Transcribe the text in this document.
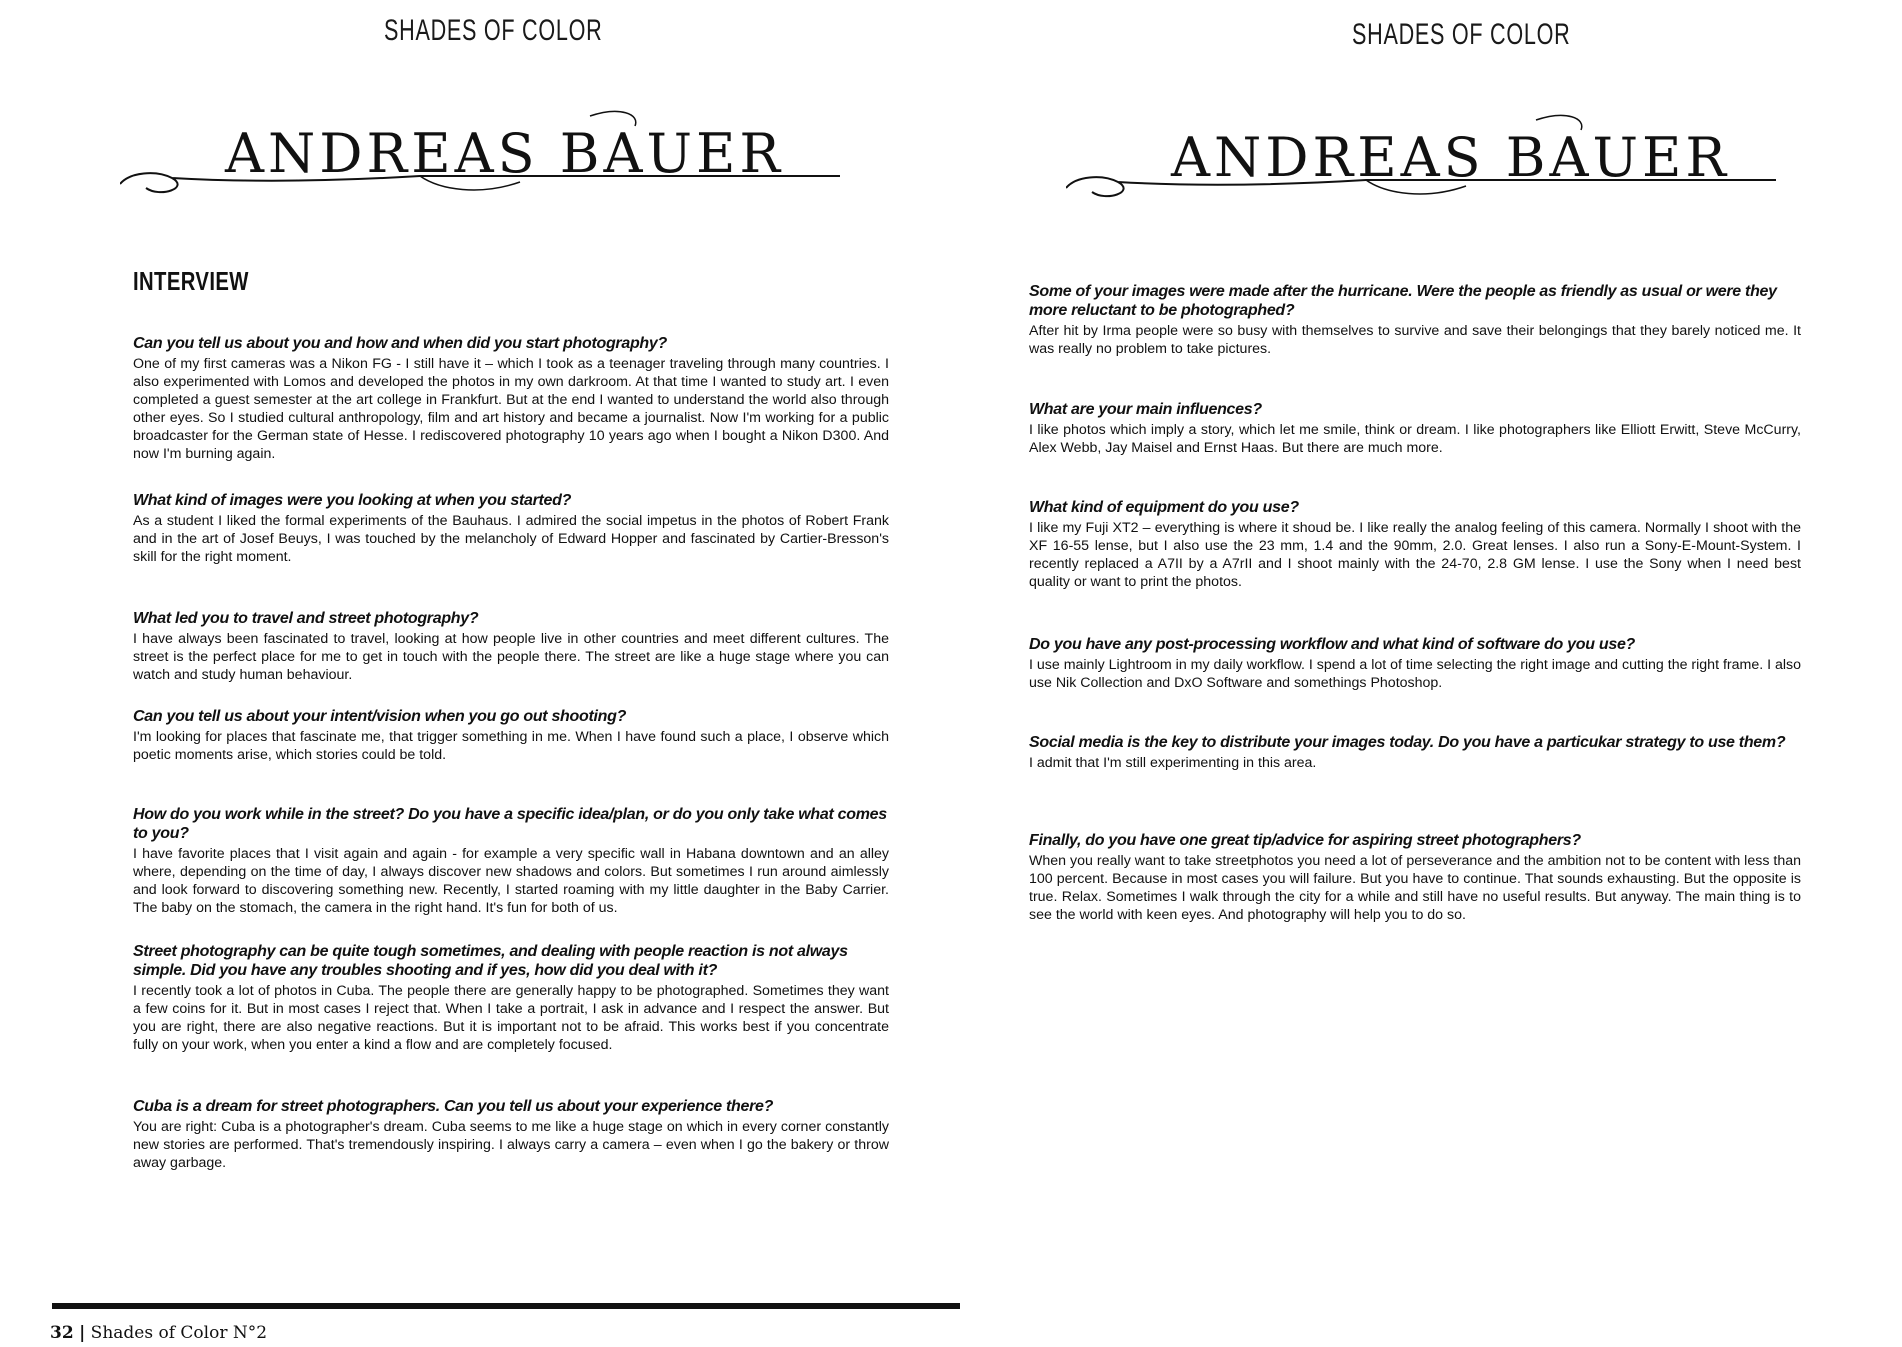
SHADES OF COLOR
ANDREAS BAUER
INTERVIEW

Can you tell us about you and how and when did you start photography?

One of my first cameras was a Nikon FG - I still have it – which I took as a teenager traveling through many countries. I also experimented with Lomos and developed the photos in my own darkroom. At that time I wanted to study art. I even completed a guest semester at the art college in Frankfurt. But at the end I wanted to understand the world also through other eyes. So I studied cultural anthropology, film and art history and became a journalist. Now I'm working for a public broadcaster for the German state of Hesse. I rediscovered photography 10 years ago when I bought a Nikon D300. And now I'm burning again.

What kind of images were you looking at when you started?

As a student I liked the formal experiments of the Bauhaus. I admired the social impetus in the photos of Robert Frank and in the art of Josef Beuys, I was touched by the melancholy of Edward Hopper and fascinated by Cartier-Bresson's skill for the right moment.

What led you to travel and street photography?

I have always been fascinated to travel, looking at how people live in other countries and meet different cultures. The street is the perfect place for me to get in touch with the people there. The street are like a huge stage where you can watch and study human behaviour.

Can you tell us about your intent/vision when you go out shooting?

I'm looking for places that fascinate me, that trigger something in me. When I have found such a place, I observe which poetic moments arise, which stories could be told.

How do you work while in the street? Do you have a specific idea/plan, or do you only take what comes to you?

I have favorite places that I visit again and again - for example a very specific wall in Habana downtown and an alley where, depending on the time of day, I always discover new shadows and colors. But sometimes I run around aimlessly and look forward to discovering something new. Recently, I started roaming with my little daughter in the Baby Carrier. The baby on the stomach, the camera in the right hand. It's fun for both of us.

Street photography can be quite tough sometimes, and dealing with people reaction is not always simple. Did you have any troubles shooting and if yes, how did you deal with it?

I recently took a lot of photos in Cuba. The people there are generally happy to be photographed. Sometimes they want a few coins for it. But in most cases I reject that. When I take a portrait, I ask in advance and I respect the answer. But you are right, there are also negative reactions. But it is important not to be afraid. This works best if you concentrate fully on your work, when you enter a kind a flow and are completely focused.

Cuba is a dream for street photographers. Can you tell us about your experience there?

You are right: Cuba is a photographer's dream. Cuba seems to me like a huge stage on which in every corner constantly new stories are performed. That's tremendously inspiring. I always carry a camera – even when I go the bakery or throw away garbage.

32 | Shades of Color N°2
SHADES OF COLOR
ANDREAS BAUER

Some of your images were made after the hurricane. Were the people as friendly as usual or were they more reluctant to be photographed?

After hit by Irma people were so busy with themselves to survive and save their belongings that they barely noticed me. It was really no problem to take pictures.

What are your main influences?

I like photos which imply a story, which let me smile, think or dream. I like photographers like Elliott Erwitt, Steve McCurry, Alex Webb, Jay Maisel and Ernst Haas. But there are much more.

What kind of equipment do you use?

I like my Fuji XT2 – everything is where it shoud be. I like really the analog feeling of this camera. Normally I shoot with the XF 16-55 lense, but I also use the 23 mm, 1.4 and the 90mm, 2.0. Great lenses. I also run a Sony-E-Mount-System. I recently replaced a A7II by a A7rII and I shoot mainly with the 24-70, 2.8 GM lense. I use the Sony when I need best quality or want to print the photos.

Do you have any post-processing workflow and what kind of software do you use?

I use mainly Lightroom in my daily workflow. I spend a lot of time selecting the right image and cutting the right frame. I also use Nik Collection and DxO Software and somethings Photoshop.

Social media is the key to distribute your images today. Do you have a particukar strategy to use them?

I admit that I'm still experimenting in this area.

Finally, do you have one great tip/advice for aspiring street photographers?

When you really want to take streetphotos you need a lot of perseverance and the ambition not to be content with less than 100 percent. Because in most cases you will failure. But you have to continue. That sounds exhausting. But the opposite is true. Relax. Sometimes I walk through the city for a while and still have no useful results. But anyway. The main thing is to see the world with keen eyes. And photography will help you to do so.
